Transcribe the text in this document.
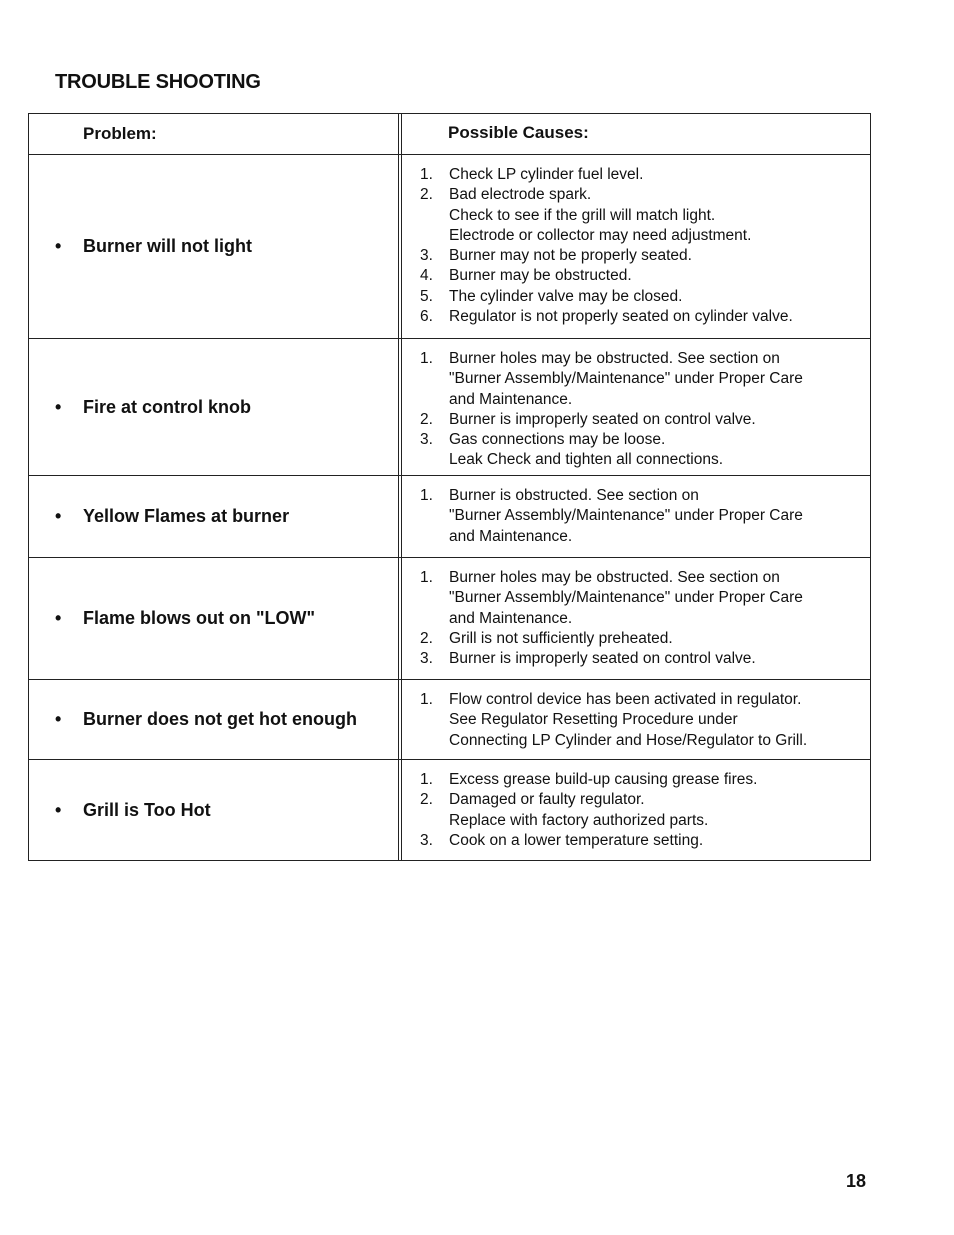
TROUBLE SHOOTING
Problem:	Possible Causes:
• Burner will not light
1.	Check LP cylinder fuel level.
2.	Bad electrode spark.
Check to see if the grill will match light.
Electrode or collector may need adjustment.
3.	Burner may not be properly seated.
4.	Burner may be obstructed.
5.	The cylinder valve may be closed.
6.	Regulator is not properly seated on cylinder valve.
• Fire at control knob
1.	Burner holes may be obstructed. See section on
"Burner Assembly/Maintenance" under Proper Care
and Maintenance.
2.	Burner is improperly seated on control valve.
3.	Gas connections may be loose.
Leak Check and tighten all connections.
• Yellow Flames at burner
1.	Burner is obstructed. See section on
"Burner Assembly/Maintenance" under Proper Care
and Maintenance.
• Flame blows out on "LOW"
1.	Burner holes may be obstructed. See section on
"Burner Assembly/Maintenance" under Proper Care
and Maintenance.
2.	Grill is not sufficiently preheated.
3.	Burner is improperly seated on control valve.
• Burner does not get hot enough
1.	Flow control device has been activated in regulator.
See Regulator Resetting Procedure under
Connecting LP Cylinder and Hose/Regulator to Grill.
• Grill is Too Hot
1.	Excess grease build-up causing grease fires.
2.	Damaged or faulty regulator.
Replace with factory authorized parts.
3.	Cook on a lower temperature setting.
18
